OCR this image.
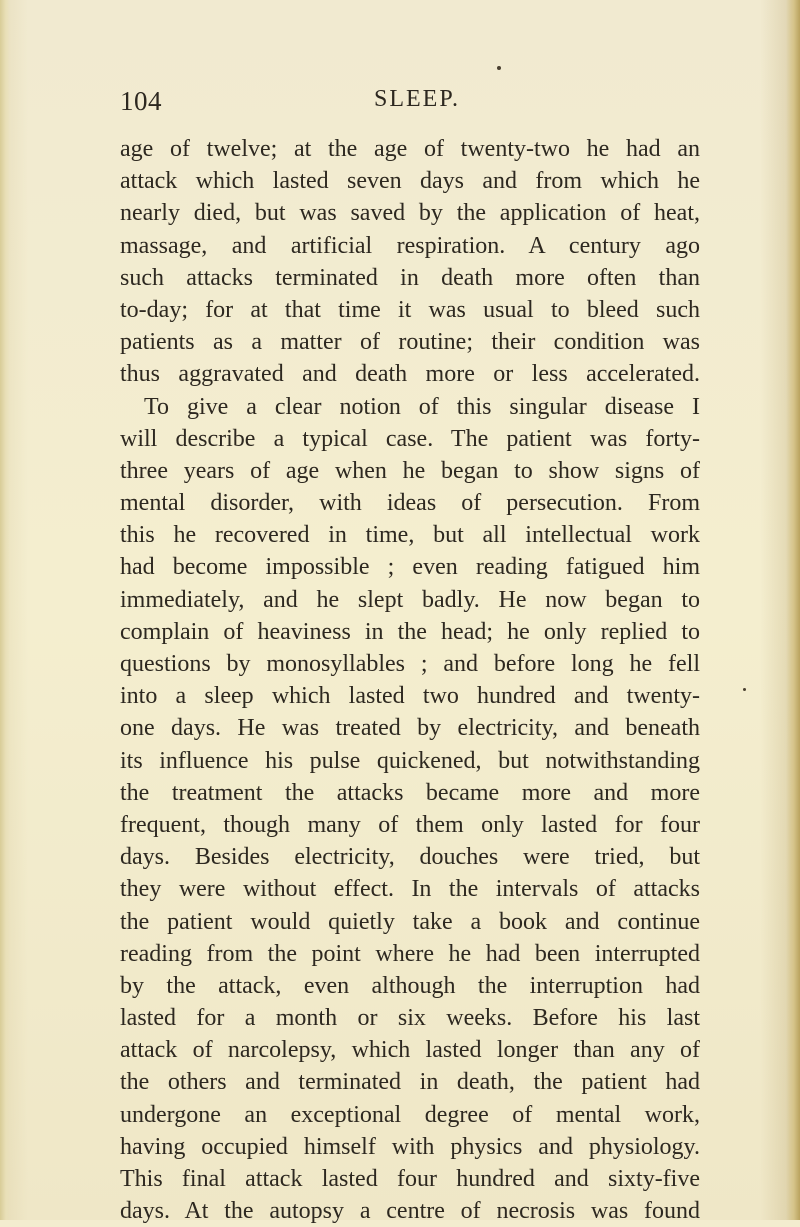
104	SLEEP.
age of twelve; at the age of twenty-two he had an
attack which lasted seven days and from which he
nearly died, but was saved by the application of heat,
massage, and artificial respiration. A century ago
such attacks terminated in death more often than
to-day; for at that time it was usual to bleed such
patients as a matter of routine; their condition was
thus aggravated and death more or less accelerated.
To give a clear notion of this singular disease I
will describe a typical case. The patient was forty-
three years of age when he began to show signs of
mental disorder, with ideas of persecution. From
this he recovered in time, but all intellectual work
had become impossible ; even reading fatigued him
immediately, and he slept badly. He now began to
complain of heaviness in the head; he only replied to
questions by monosyllables ; and before long he fell
into a sleep which lasted two hundred and twenty-
one days. He was treated by electricity, and beneath
its influence his pulse quickened, but notwithstanding
the treatment the attacks became more and more
frequent, though many of them only lasted for four
days. Besides electricity, douches were tried, but
they were without effect. In the intervals of attacks
the patient would quietly take a book and continue
reading from the point where he had been interrupted
by the attack, even although the interruption had
lasted for a month or six weeks. Before his last
attack of narcolepsy, which lasted longer than any of
the others and terminated in death, the patient had
undergone an exceptional degree of mental work,
having occupied himself with physics and physiology.
This final attack lasted four hundred and sixty-five
days. At the autopsy a centre of necrosis was found
